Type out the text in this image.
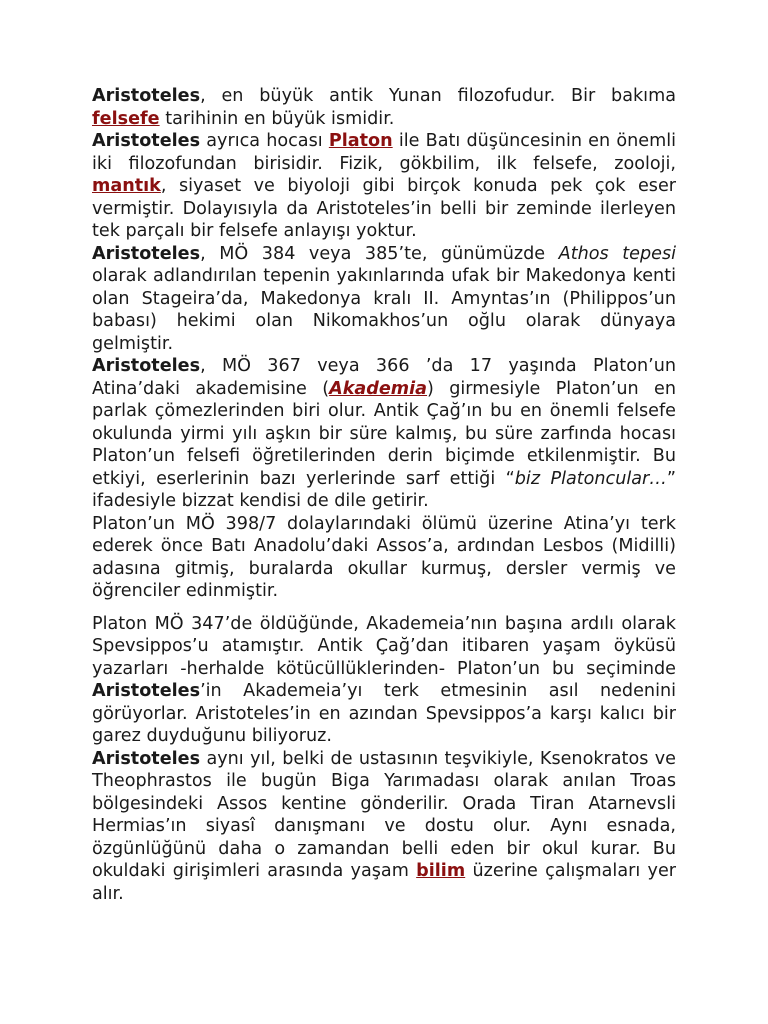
Aristoteles, en büyük antik Yunan filozofudur. Bir bakıma felsefe tarihinin en büyük ismidir.

Aristoteles ayrıca hocası Platon ile Batı düşüncesinin en önemli iki filozofundan birisidir. Fizik, gökbilim, ilk felsefe, zooloji, mantık, siyaset ve biyoloji gibi birçok konuda pek çok eser vermiştir. Dolayısıyla da Aristoteles’in belli bir zeminde ilerleyen tek parçalı bir felsefe anlayışı yoktur.

Aristoteles, MÖ 384 veya 385’te, günümüzde Athos tepesi olarak adlandırılan tepenin yakınlarında ufak bir Makedonya kenti olan Stageira’da, Makedonya kralı II. Amyntas’ın (Philippos’un babası) hekimi olan Nikomakhos’un oğlu olarak dünyaya gelmiştir.

Aristoteles, MÖ 367 veya 366 ’da 17 yaşında Platon’un Atina’daki akademisine (Akademia) girmesiyle Platon’un en parlak çömezlerinden biri olur. Antik Çağ’ın bu en önemli felsefe okulunda yirmi yılı aşkın bir süre kalmış, bu süre zarfında hocası Platon’un felsefi öğretilerinden derin biçimde etkilenmiştir. Bu etkiyi, eserlerinin bazı yerlerinde sarf ettiği “biz Platoncular…” ifadesiyle bizzat kendisi de dile getirir.

Platon’un MÖ 398/7 dolaylarındaki ölümü üzerine Atina’yı terk ederek önce Batı Anadolu’daki Assos’a, ardından Lesbos (Midilli) adasına gitmiş, buralarda okullar kurmuş, dersler vermiş ve öğrenciler edinmiştir.

Platon MÖ 347’de öldüğünde, Akademeia’nın başına ardılı olarak Spevsippos’u atamıştır. Antik Çağ’dan itibaren yaşam öyküsü yazarları -herhalde kötücüllüklerinden- Platon’un bu seçiminde Aristoteles’in Akademeia’yı terk etmesinin asıl nedenini görüyorlar. Aristoteles’in en azından Spevsippos’a karşı kalıcı bir garez duyduğunu biliyoruz.

Aristoteles aynı yıl, belki de ustasının teşvikiyle, Ksenokratos ve Theophrastos ile bugün Biga Yarımadası olarak anılan Troas bölgesindeki Assos kentine gönderilir. Orada Tiran Atarnevsli Hermias’ın siyasî danışmanı ve dostu olur. Aynı esnada, özgünlüğünü daha o zamandan belli eden bir okul kurar. Bu okuldaki girişimleri arasında yaşam bilim üzerine çalışmaları yer alır.
